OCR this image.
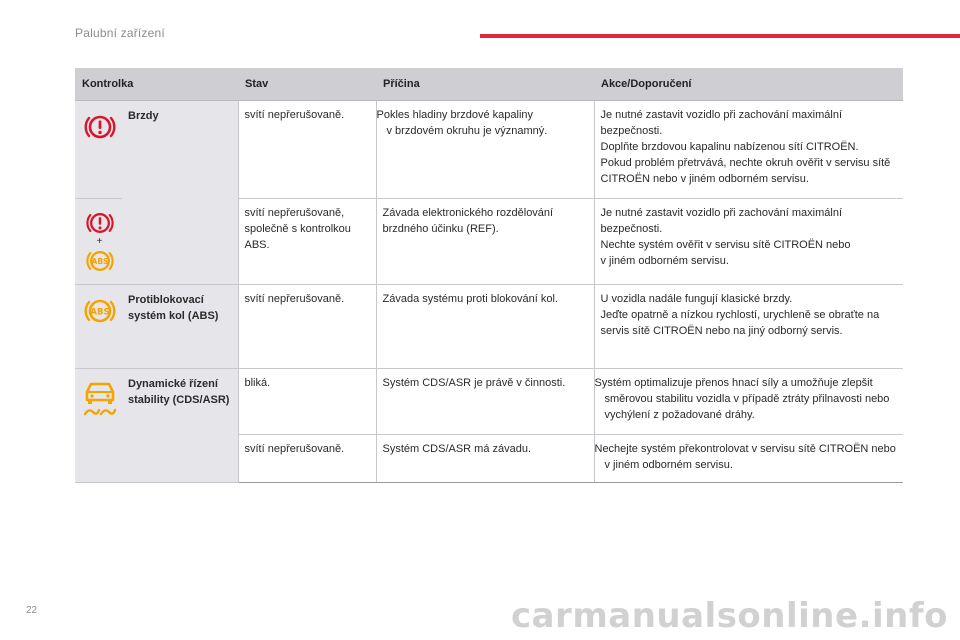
Palubní zařízení
Kontrolka		Stav	Příčina	Akce/Doporučení
	Brzdy	svítí nepřerušovaně.	Pokles hladiny brzdové kapaliny
v brzdovém okruhu je významný.	Je nutné zastavit vozidlo při zachování maximální bezpečnosti.
Doplňte brzdovou kapalinu nabízenou sítí CITROËN.
Pokud problém přetrvává, nechte okruh ověřit v servisu sítě CITROËN nebo v jiném odborném servisu.

+
ABS		svítí nepřerušovaně, společně s kontrolkou ABS.	Závada elektronického rozdělování brzdného účinku (REF).	Je nutné zastavit vozidlo při zachování maximální bezpečnosti.
Nechte systém ověřit v servisu sítě CITROËN nebo
v jiném odborném servisu.

ABS	Protiblokovací systém kol (ABS)	svítí nepřerušovaně.	Závada systému proti blokování kol.	U vozidla nadále fungují klasické brzdy.
Jeďte opatrně a nízkou rychlostí, urychleně se obraťte na servis sítě CITROËN nebo na jiný odborný servis.
	Dynamické řízení stability (CDS/ASR)	bliká.	Systém CDS/ASR je právě v činnosti.	Systém optimalizuje přenos hnací síly a umožňuje zlepšit směrovou stabilitu vozidla v případě ztráty přilnavosti nebo vychýlení z požadované dráhy.
		svítí nepřerušovaně.	Systém CDS/ASR má závadu.	Nechejte systém překontrolovat v servisu sítě CITROËN nebo v jiném odborném servisu.
22	carmanualsonline.info
